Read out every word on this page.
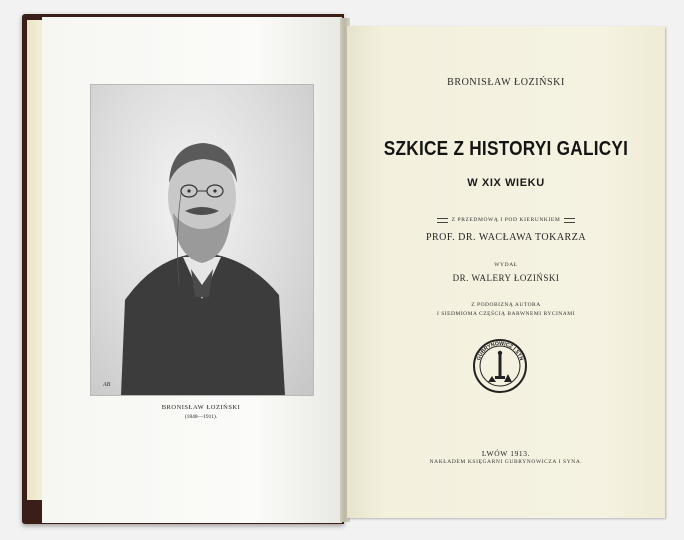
AB
BRONISŁAW ŁOZIŃSKI
(1848—1911).
BRONISŁAW ŁOZIŃSKI
SZKICE Z HISTORYI GALICYI
W XIX WIEKU
Z PRZEDMOWĄ I POD KIERUNKIEM
PROF. DR. WACŁAWA TOKARZA
WYDAŁ
DR. WALERY ŁOZIŃSKI
Z PODOBIZNĄ AUTORA
I SIEDMIOMA CZĘŚCIĄ BARWNEMI RYCINAMI
GUBRYNOWICZ I SYN
LWÓW 1913.
NAKŁADEM KSIĘGARNI GUBRYNOWICZA I SYNA.
